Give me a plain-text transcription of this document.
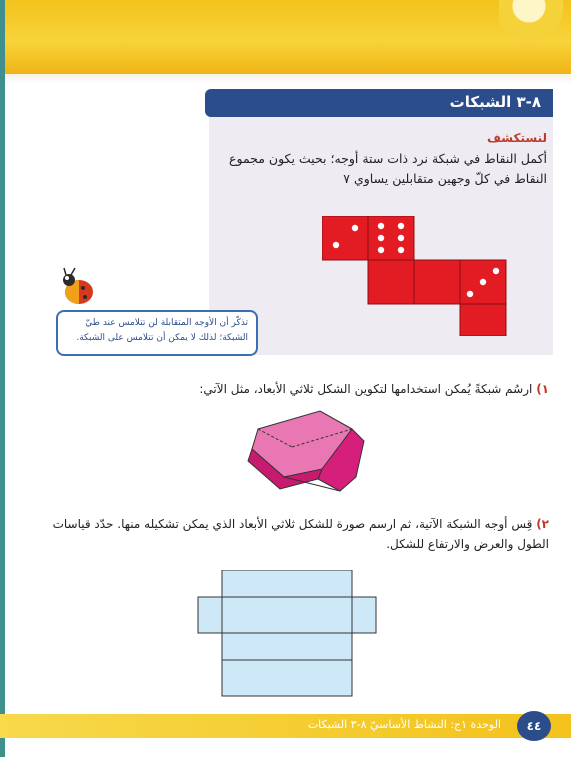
٨-٣ الشبكات
لنستكشف
أكمل النقاط في شبكة نرد ذات ستة أوجه؛ بحيث يكون مجموع النقاط في كلّ وجهين متقابلين يساوي ٧
تذكّر أن الأوجه المتقابلة لن تتلامس عند طيّ الشبكة؛ لذلك لا يمكن أن تتلامس على الشبكة.
١) ارسُم شبكةً يُمكن استخدامها لتكوين الشكل ثلاثي الأبعاد، مثل الآتي:
٢) قِس أوجه الشبكة الآتية، ثم ارسم صورة للشكل ثلاثي الأبعاد الذي يمكن تشكيله منها. حدّد قياسات الطول والعرض والارتفاع للشكل.
الوحدة ١ج: النشاط الأساسيّ ٨-٣ الشبكات	٤٤
